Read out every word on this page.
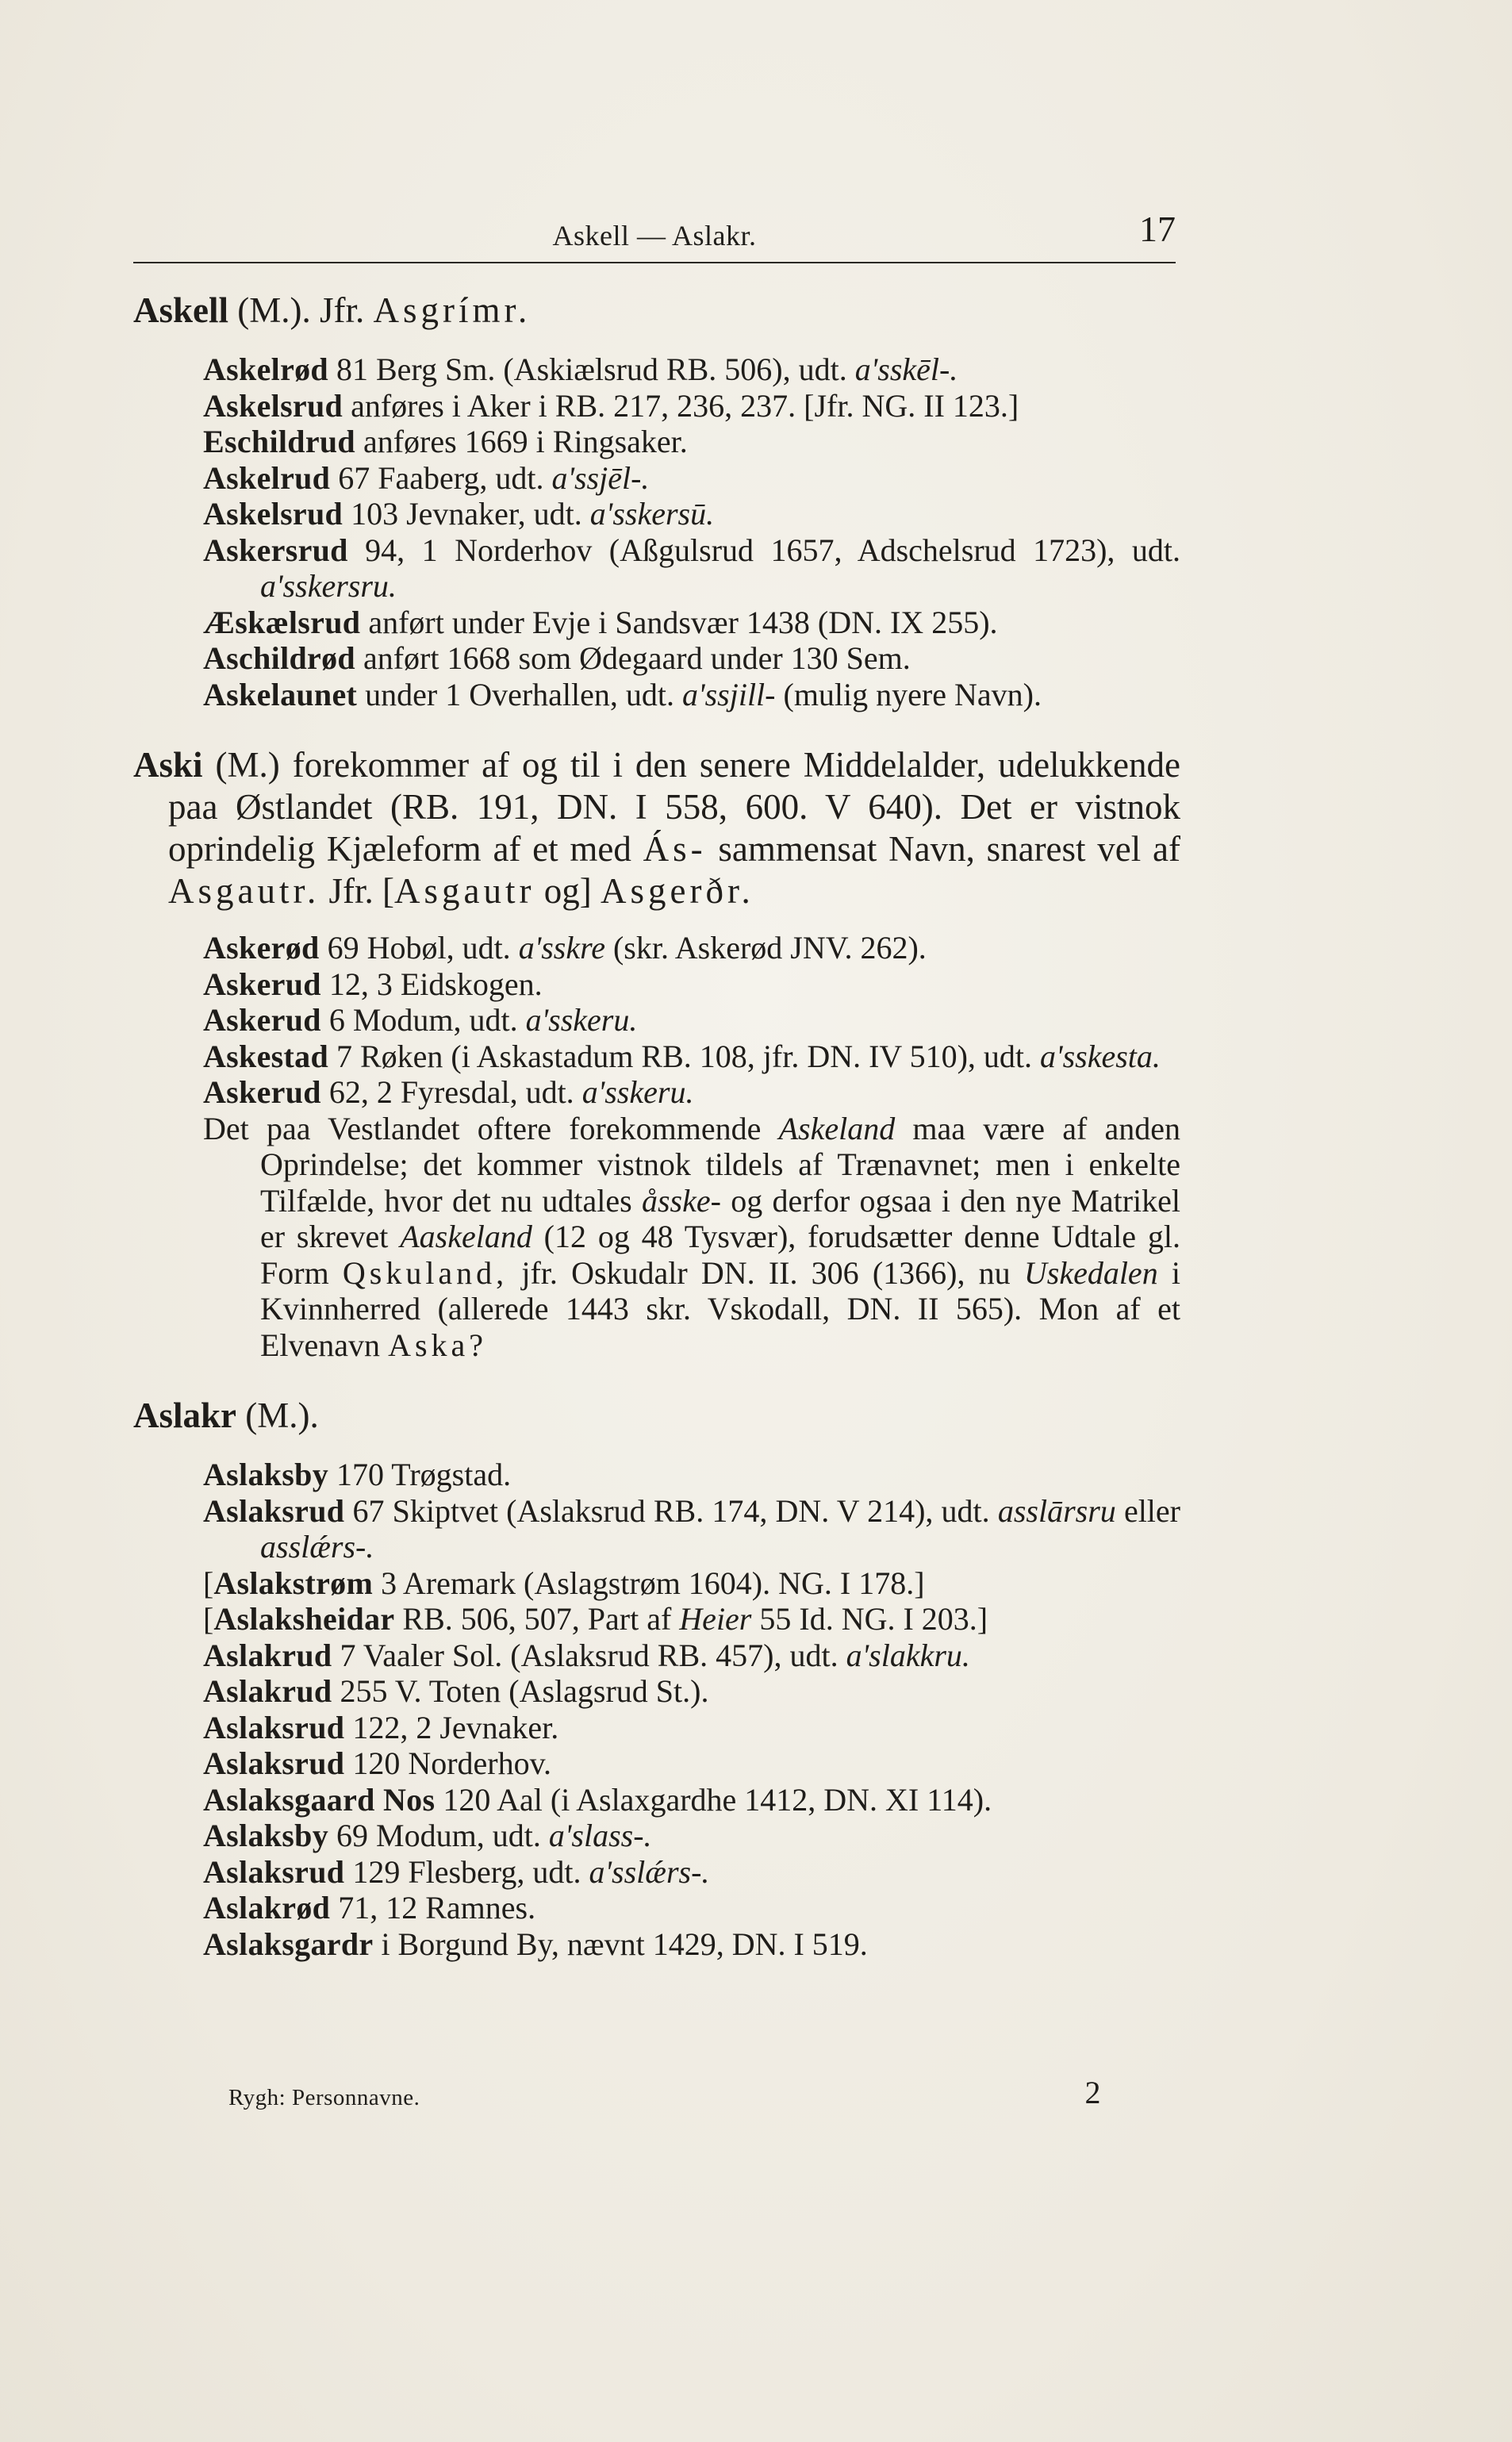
Askell — Aslakr.	17
Askell (M.). Jfr. Asgrímr.
Askelrød 81 Berg Sm. (Askiælsrud RB. 506), udt. a'sskēl-.
Askelsrud anføres i Aker i RB. 217, 236, 237. [Jfr. NG. II 123.]
Eschildrud anføres 1669 i Ringsaker.
Askelrud 67 Faaberg, udt. a'ssjēl-.
Askelsrud 103 Jevnaker, udt. a'sskersū.
Askersrud 94, 1 Norderhov (Aßgulsrud 1657, Adschelsrud 1723), udt. a'sskersru.
Æskælsrud anført under Evje i Sandsvær 1438 (DN. IX 255).
Aschildrød anført 1668 som Ødegaard under 130 Sem.
Askelaunet under 1 Overhallen, udt. a'ssjill- (mulig nyere Navn).
Aski (M.) forekommer af og til i den senere Middelalder, udelukkende paa Østlandet (RB. 191, DN. I 558, 600. V 640). Det er vistnok oprindelig Kjæleform af et med Ás- sammensat Navn, snarest vel af Asgautr. Jfr. [Asgautr og] Asgerðr.
Askerød 69 Hobøl, udt. a'sskre (skr. Askerød JNV. 262).
Askerud 12, 3 Eidskogen.
Askerud 6 Modum, udt. a'sskeru.
Askestad 7 Røken (i Askastadum RB. 108, jfr. DN. IV 510), udt. a'sskesta.
Askerud 62, 2 Fyresdal, udt. a'sskeru.
Det paa Vestlandet oftere forekommende Askeland maa være af anden Oprindelse; det kommer vistnok tildels af Trænavnet; men i enkelte Tilfælde, hvor det nu udtales åsske- og derfor ogsaa i den nye Matrikel er skrevet Aaskeland (12 og 48 Tysvær), forudsætter denne Udtale gl. Form Qskuland, jfr. Oskudalr DN. II. 306 (1366), nu Uskedalen i Kvinnherred (allerede 1443 skr. Vskodall, DN. II 565). Mon af et Elvenavn Aska?
Aslakr (M.).
Aslaksby 170 Trøgstad.
Aslaksrud 67 Skiptvet (Aslaksrud RB. 174, DN. V 214), udt. asslārsru eller asslǽrs-.
[Aslakstrøm 3 Aremark (Aslagstrøm 1604). NG. I 178.]
[Aslaksheidar RB. 506, 507, Part af Heier 55 Id. NG. I 203.]
Aslakrud 7 Vaaler Sol. (Aslaksrud RB. 457), udt. a'slakkru.
Aslakrud 255 V. Toten (Aslagsrud St.).
Aslaksrud 122, 2 Jevnaker.
Aslaksrud 120 Norderhov.
Aslaksgaard Nos 120 Aal (i Aslaxgardhe 1412, DN. XI 114).
Aslaksby 69 Modum, udt. a'slass-.
Aslaksrud 129 Flesberg, udt. a'sslǽrs-.
Aslakrød 71, 12 Ramnes.
Aslaksgardr i Borgund By, nævnt 1429, DN. I 519.
Rygh: Personnavne.	2
